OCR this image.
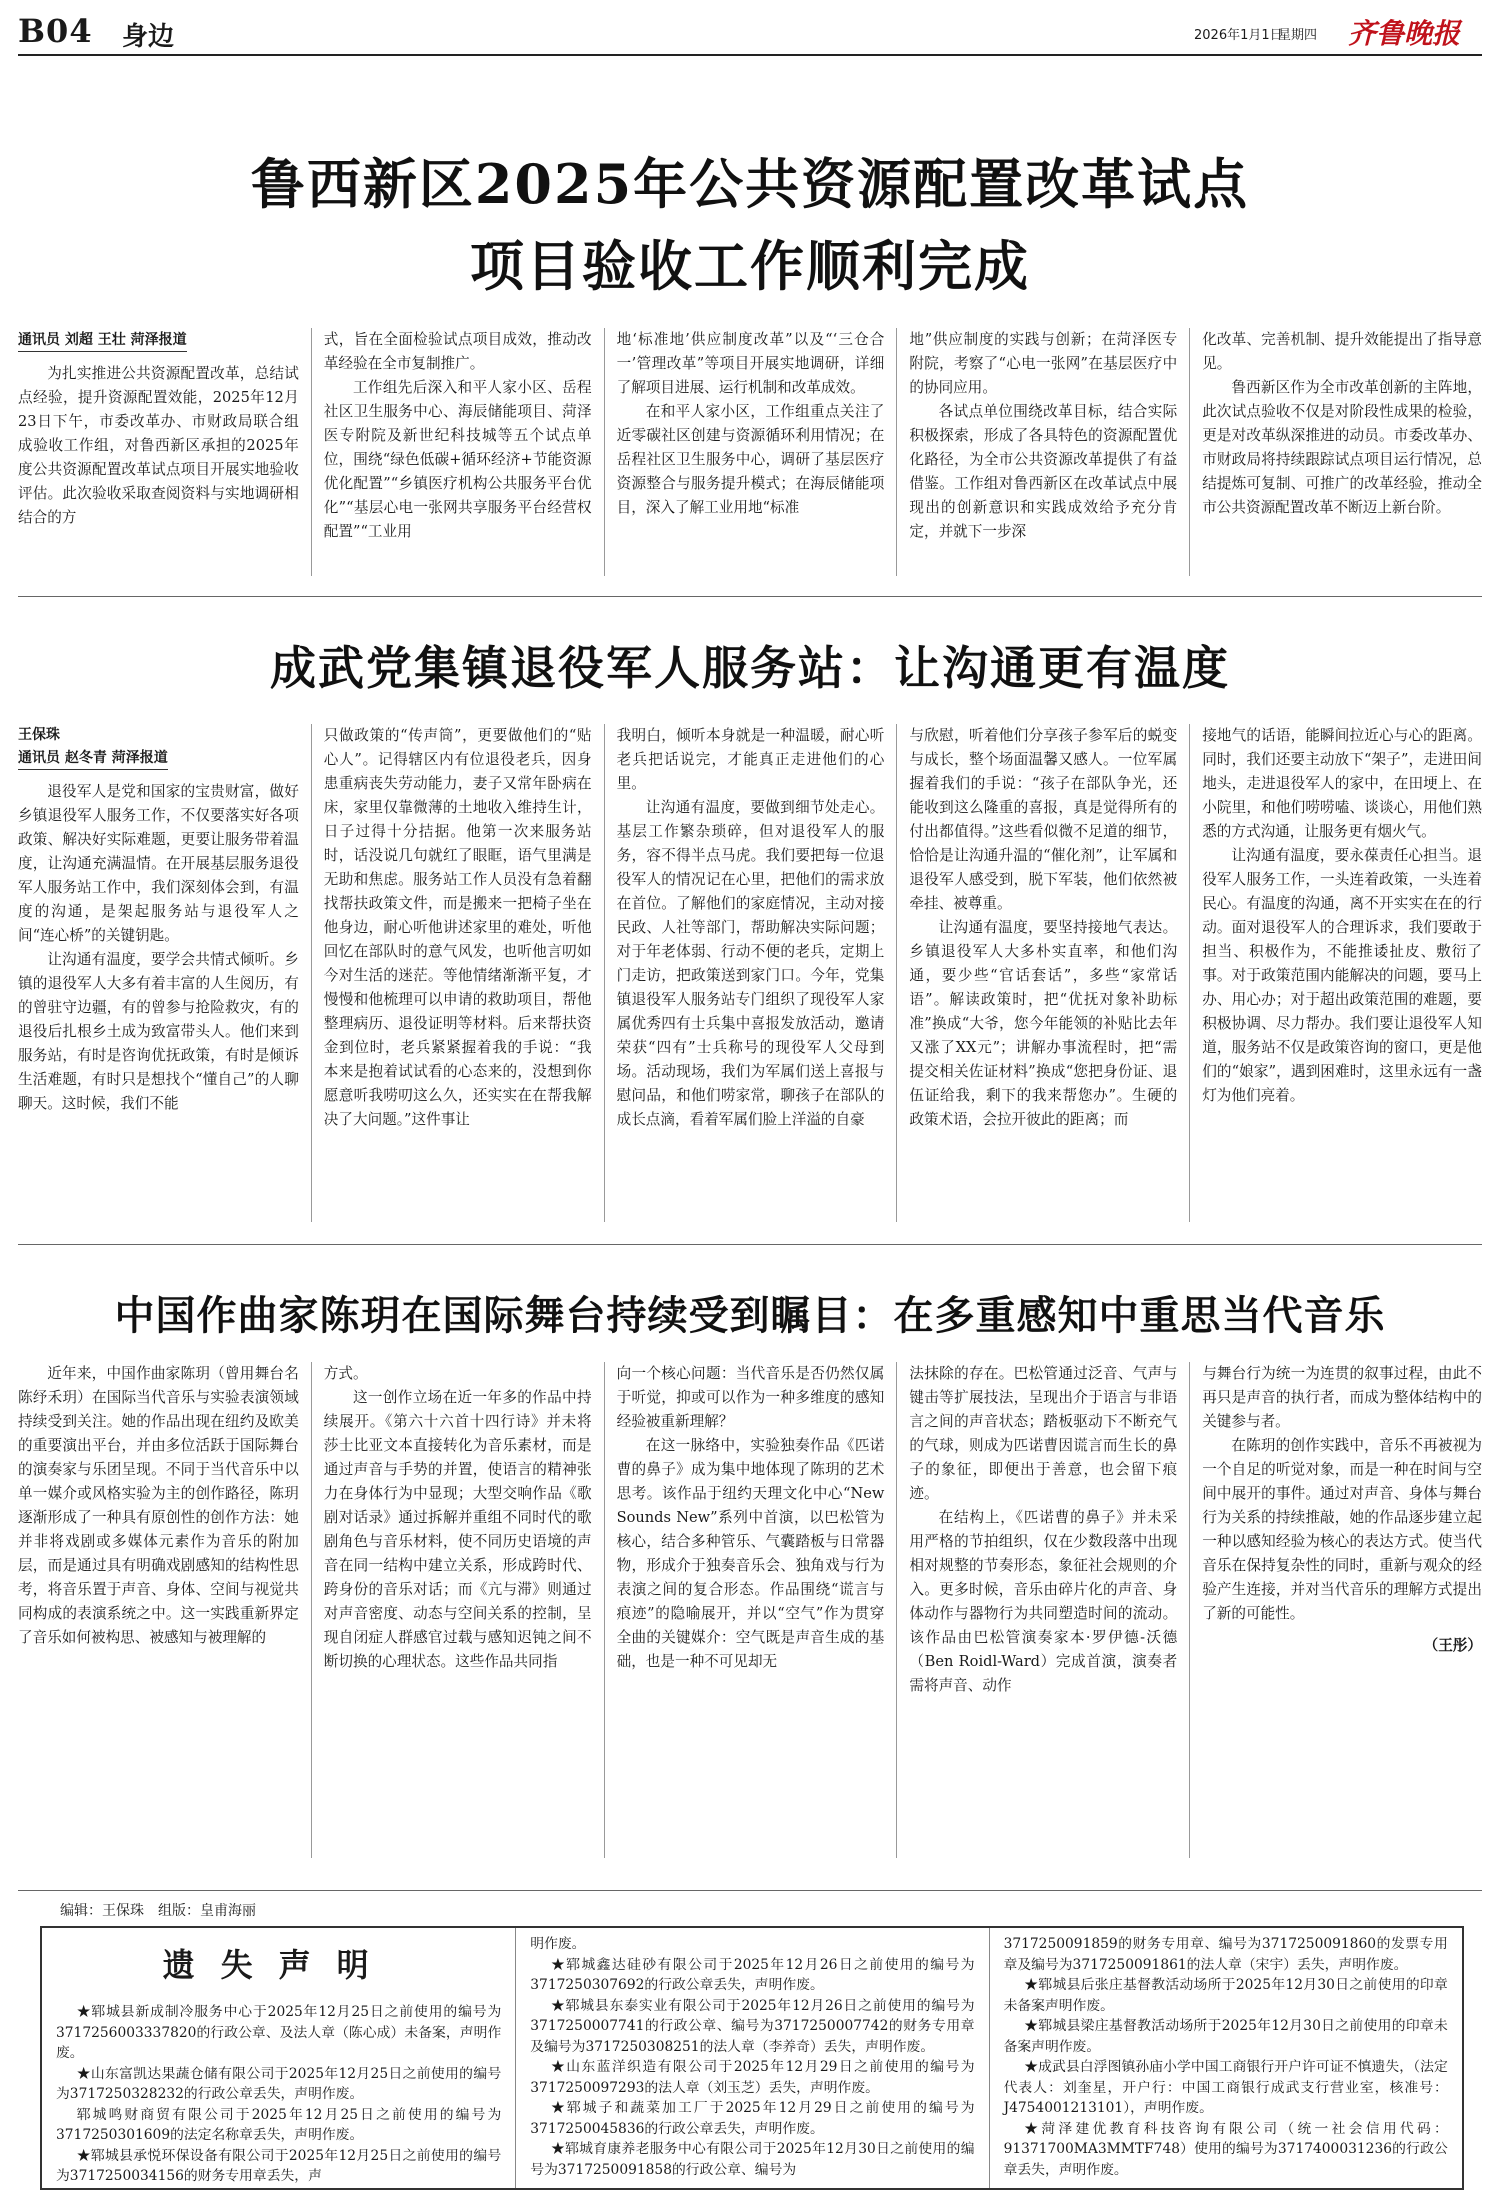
B04 身边	2026年1月1日
星期四 齐鲁晚报
鲁西新区2025年公共资源配置改革试点
项目验收工作顺利完成
通讯员 刘超 王壮 菏泽报道

为扎实推进公共资源配置改革，总结试点经验，提升资源配置效能，2025年12月23日下午，市委改革办、市财政局联合组成验收工作组，对鲁西新区承担的2025年度公共资源配置改革试点项目开展实地验收评估。此次验收采取查阅资料与实地调研相结合的方

式，旨在全面检验试点项目成效，推动改革经验在全市复制推广。

工作组先后深入和平人家小区、岳程社区卫生服务中心、海辰储能项目、菏泽医专附院及新世纪科技城等五个试点单位，围绕“绿色低碳+循环经济+节能资源优化配置”“乡镇医疗机构公共服务平台优化”“基层心电一张网共享服务平台经营权配置”“工业用

地‘标准地’供应制度改革”以及“‘三仓合一’管理改革”等项目开展实地调研，详细了解项目进展、运行机制和改革成效。

在和平人家小区，工作组重点关注了近零碳社区创建与资源循环利用情况；在岳程社区卫生服务中心，调研了基层医疗资源整合与服务提升模式；在海辰储能项目，深入了解工业用地“标准

地”供应制度的实践与创新；在菏泽医专附院，考察了“心电一张网”在基层医疗中的协同应用。

各试点单位围绕改革目标，结合实际积极探索，形成了各具特色的资源配置优化路径，为全市公共资源改革提供了有益借鉴。工作组对鲁西新区在改革试点中展现出的创新意识和实践成效给予充分肯定，并就下一步深

化改革、完善机制、提升效能提出了指导意见。

鲁西新区作为全市改革创新的主阵地，此次试点验收不仅是对阶段性成果的检验，更是对改革纵深推进的动员。市委改革办、市财政局将持续跟踪试点项目运行情况，总结提炼可复制、可推广的改革经验，推动全市公共资源配置改革不断迈上新台阶。

成武党集镇退役军人服务站：让沟通更有温度
王保珠
通讯员 赵冬青 菏泽报道

退役军人是党和国家的宝贵财富，做好乡镇退役军人服务工作，不仅要落实好各项政策、解决好实际难题，更要让服务带着温度，让沟通充满温情。在开展基层服务退役军人服务站工作中，我们深刻体会到，有温度的沟通，是架起服务站与退役军人之间“连心桥”的关键钥匙。

让沟通有温度，要学会共情式倾听。乡镇的退役军人大多有着丰富的人生阅历，有的曾驻守边疆，有的曾参与抢险救灾，有的退役后扎根乡土成为致富带头人。他们来到服务站，有时是咨询优抚政策，有时是倾诉生活难题，有时只是想找个“懂自己”的人聊聊天。这时候，我们不能

只做政策的“传声筒”，更要做他们的“贴心人”。记得辖区内有位退役老兵，因身患重病丧失劳动能力，妻子又常年卧病在床，家里仅靠微薄的土地收入维持生计，日子过得十分拮据。他第一次来服务站时，话没说几句就红了眼眶，语气里满是无助和焦虑。服务站工作人员没有急着翻找帮扶政策文件，而是搬来一把椅子坐在他身边，耐心听他讲述家里的难处，听他回忆在部队时的意气风发，也听他言叨如今对生活的迷茫。等他情绪渐渐平复，才慢慢和他梳理可以申请的救助项目，帮他整理病历、退役证明等材料。后来帮扶资金到位时，老兵紧紧握着我的手说：“我本来是抱着试试看的心态来的，没想到你愿意听我唠叨这么久，还实实在在帮我解决了大问题。”这件事让

我明白，倾听本身就是一种温暖，耐心听老兵把话说完，才能真正走进他们的心里。

让沟通有温度，要做到细节处走心。基层工作繁杂琐碎，但对退役军人的服务，容不得半点马虎。我们要把每一位退役军人的情况记在心里，把他们的需求放在首位。了解他们的家庭情况，主动对接民政、人社等部门，帮助解决实际问题；对于年老体弱、行动不便的老兵，定期上门走访，把政策送到家门口。今年，党集镇退役军人服务站专门组织了现役军人家属优秀四有士兵集中喜报发放活动，邀请荣获“四有”士兵称号的现役军人父母到场。活动现场，我们为军属们送上喜报与慰问品，和他们唠家常，聊孩子在部队的成长点滴，看着军属们脸上洋溢的自豪

与欣慰，听着他们分享孩子参军后的蜕变与成长，整个场面温馨又感人。一位军属握着我们的手说：“孩子在部队争光，还能收到这么隆重的喜报，真是觉得所有的付出都值得。”这些看似微不足道的细节，恰恰是让沟通升温的“催化剂”，让军属和退役军人感受到，脱下军装，他们依然被牵挂、被尊重。

让沟通有温度，要坚持接地气表达。乡镇退役军人大多朴实直率，和他们沟通，要少些“官话套话”，多些“家常话语”。解读政策时，把“优抚对象补助标准”换成“大爷，您今年能领的补贴比去年又涨了XX元”；讲解办事流程时，把“需提交相关佐证材料”换成“您把身份证、退伍证给我，剩下的我来帮您办”。生硬的政策术语，会拉开彼此的距离；而

接地气的话语，能瞬间拉近心与心的距离。同时，我们还要主动放下“架子”，走进田间地头，走进退役军人的家中，在田埂上、在小院里，和他们唠唠嗑、谈谈心，用他们熟悉的方式沟通，让服务更有烟火气。

让沟通有温度，要永葆责任心担当。退役军人服务工作，一头连着政策，一头连着民心。有温度的沟通，离不开实实在在的行动。面对退役军人的合理诉求，我们要敢于担当、积极作为，不能推诿扯皮、敷衍了事。对于政策范围内能解决的问题，要马上办、用心办；对于超出政策范围的难题，要积极协调、尽力帮办。我们要让退役军人知道，服务站不仅是政策咨询的窗口，更是他们的“娘家”，遇到困难时，这里永远有一盏灯为他们亮着。

中国作曲家陈玥在国际舞台持续受到瞩目：在多重感知中重思当代音乐

近年来，中国作曲家陈玥（曾用舞台名陈纾禾玥）在国际当代音乐与实验表演领域持续受到关注。她的作品出现在纽约及欧美的重要演出平台，并由多位活跃于国际舞台的演奏家与乐团呈现。不同于当代音乐中以单一媒介或风格实验为主的创作路径，陈玥逐渐形成了一种具有原创性的创作方法：她并非将戏剧或多媒体元素作为音乐的附加层，而是通过具有明确戏剧感知的结构性思考，将音乐置于声音、身体、空间与视觉共同构成的表演系统之中。这一实践重新界定了音乐如何被构思、被感知与被理解的

方式。

这一创作立场在近一年多的作品中持续展开。《第六十六首十四行诗》并未将莎士比亚文本直接转化为音乐素材，而是通过声音与手势的并置，使语言的精神张力在身体行为中显现；大型交响作品《歌剧对话录》通过拆解并重组不同时代的歌剧角色与音乐材料，使不同历史语境的声音在同一结构中建立关系，形成跨时代、跨身份的音乐对话；而《亢与滞》则通过对声音密度、动态与空间关系的控制，呈现自闭症人群感官过载与感知迟钝之间不断切换的心理状态。这些作品共同指

向一个核心问题：当代音乐是否仍然仅属于听觉，抑或可以作为一种多维度的感知经验被重新理解？

在这一脉络中，实验独奏作品《匹诺曹的鼻子》成为集中地体现了陈玥的艺术思考。该作品于纽约天理文化中心“New Sounds New”系列中首演，以巴松管为核心，结合多种管乐、气囊踏板与日常器物，形成介于独奏音乐会、独角戏与行为表演之间的复合形态。作品围绕“谎言与痕迹”的隐喻展开，并以“空气”作为贯穿全曲的关键媒介：空气既是声音生成的基础，也是一种不可见却无

法抹除的存在。巴松管通过泛音、气声与键击等扩展技法，呈现出介于语言与非语言之间的声音状态；踏板驱动下不断充气的气球，则成为匹诺曹因谎言而生长的鼻子的象征，即便出于善意，也会留下痕迹。

在结构上，《匹诺曹的鼻子》并未采用严格的节拍组织，仅在少数段落中出现相对规整的节奏形态，象征社会规则的介入。更多时候，音乐由碎片化的声音、身体动作与器物行为共同塑造时间的流动。该作品由巴松管演奏家本·罗伊德-沃德（Ben Roidl-Ward）完成首演，演奏者需将声音、动作

与舞台行为统一为连贯的叙事过程，由此不再只是声音的执行者，而成为整体结构中的关键参与者。

在陈玥的创作实践中，音乐不再被视为一个自足的听觉对象，而是一种在时间与空间中展开的事件。通过对声音、身体与舞台行为关系的持续推敲，她的作品逐步建立起一种以感知经验为核心的表达方式。使当代音乐在保持复杂性的同时，重新与观众的经验产生连接，并对当代音乐的理解方式提出了新的可能性。

（王彤）
编辑：王保珠　组版：皇甫海丽
遗失声明

★郓城县新成制冷服务中心于2025年12月25日之前使用的编号为3717256003337820的行政公章、及法人章（陈心成）未备案，声明作废。

★山东富凯达果蔬仓储有限公司于2025年12月25日之前使用的编号为3717250328232的行政公章丢失，声明作废。

郓城鸣财商贸有限公司于2025年12月25日之前使用的编号为3717250301609的法定名称章丢失，声明作废。

★郓城县承悦环保设备有限公司于2025年12月25日之前使用的编号为3717250034156的财务专用章丢失，声

明作废。

★郓城鑫达硅砂有限公司于2025年12月26日之前使用的编号为3717250307692的行政公章丢失，声明作废。

★郓城县东泰实业有限公司于2025年12月26日之前使用的编号为3717250007741的行政公章、编号为3717250007742的财务专用章及编号为3717250308251的法人章（李养奇）丢失，声明作废。

★山东蓝洋织造有限公司于2025年12月29日之前使用的编号为3717250097293的法人章（刘玉芝）丢失，声明作废。

★郓城子和蔬菜加工厂于2025年12月29日之前使用的编号为3717250045836的行政公章丢失，声明作废。

★郓城育康养老服务中心有限公司于2025年12月30日之前使用的编号为3717250091858的行政公章、编号为

3717250091859的财务专用章、编号为3717250091860的发票专用章及编号为3717250091861的法人章（宋宇）丢失，声明作废。

★郓城县后张庄基督教活动场所于2025年12月30日之前使用的印章未备案声明作废。

★郓城县梁庄基督教活动场所于2025年12月30日之前使用的印章未备案声明作废。

★成武县白浮图镇孙庙小学中国工商银行开户许可证不慎遗失，（法定代表人：刘奎星，开户行：中国工商银行成武支行营业室，核准号：J4754001213101），声明作废。

★菏泽建优教育科技咨询有限公司（统一社会信用代码：91371700MA3MMTF748）使用的编号为3717400031236的行政公章丢失，声明作废。
